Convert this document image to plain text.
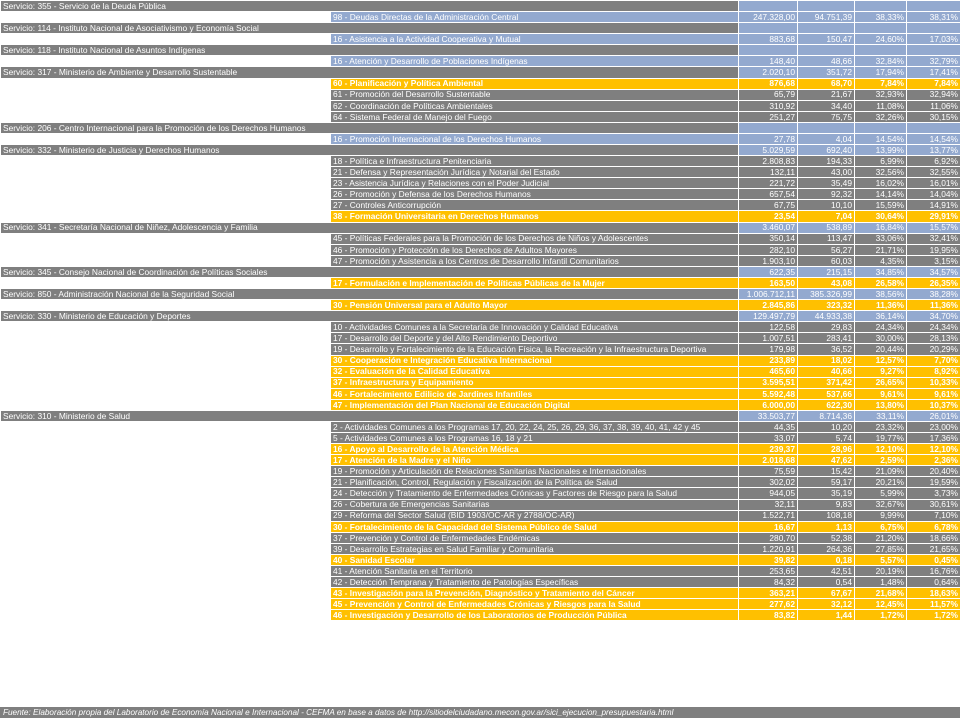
Servicio: 355 - Servicio de la Deuda Pública					
	98 - Deudas Directas de la Administración Central	247.328,00	94.751,39	38,33%	38,31%
Servicio: 114 - Instituto Nacional de Asociativismo y Economía Social					
	16 - Asistencia a la Actividad Cooperativa y Mutual	883,68	150,47	24,60%	17,03%
Servicio: 118 - Instituto Nacional de Asuntos Indígenas					
	16 - Atención y Desarrollo de Poblaciones Indígenas	148,40	48,66	32,84%	32,79%
Servicio: 317 - Ministerio de Ambiente y Desarrollo Sustentable		2.020,10	351,72	17,94%	17,41%
	60 - Planificación y Política Ambiental	876,68	68,70	7,84%	7,84%
	61 - Promoción del Desarrollo Sustentable	65,79	21,67	32,93%	32,94%
	62 - Coordinación de Políticas Ambientales	310,92	34,40	11,08%	11,06%
	64 - Sistema Federal de Manejo del Fuego	251,27	75,75	32,26%	30,15%
Servicio: 206 - Centro Internacional para la Promoción de los Derechos Humanos					
	16 - Promoción Internacional de los Derechos Humanos	27,78	4,04	14,54%	14,54%
Servicio: 332 - Ministerio de Justicia y Derechos Humanos		5.029,59	692,40	13,99%	13,77%
	18 - Política e Infraestructura Penitenciaria	2.808,83	194,33	6,99%	6,92%
	21 - Defensa y Representación Jurídica y Notarial del Estado	132,11	43,00	32,56%	32,55%
	23 - Asistencia Jurídica y Relaciones con el Poder Judicial	221,72	35,49	16,02%	16,01%
	26 - Promoción y Defensa de los Derechos Humanos	657,54	92,32	14,14%	14,04%
	27 - Controles Anticorrupción	67,75	10,10	15,59%	14,91%
	38 - Formación Universitaria en Derechos Humanos	23,54	7,04	30,64%	29,91%
Servicio: 341 - Secretaría Nacional de Niñez, Adolescencia y Familia		3.460,07	538,89	16,84%	15,57%
	45 - Políticas Federales para la Promoción de los Derechos de Niños y Adolescentes	350,14	113,47	33,06%	32,41%
	46 - Promoción y Protección de los Derechos de Adultos Mayores	282,10	56,27	21,71%	19,95%
	47 - Promoción y Asistencia a los Centros de Desarrollo Infantil Comunitarios	1.903,10	60,03	4,35%	3,15%
Servicio: 345 - Consejo Nacional de Coordinación de Políticas Sociales		622,35	215,15	34,85%	34,57%
	17 - Formulación e Implementación de Políticas Públicas de la Mujer	163,50	43,08	26,58%	26,35%
Servicio: 850 - Administración Nacional de la Seguridad Social		1.006.712,11	385.326,99	38,56%	38,28%
	30 - Pensión Universal para el Adulto Mayor	2.845,86	323,32	11,36%	11,36%
Servicio: 330 - Ministerio de Educación y Deportes		129.497,79	44.933,38	36,14%	34,70%
	10 - Actividades Comunes a la Secretaría de Innovación y Calidad Educativa	122,58	29,83	24,34%	24,34%
	17 - Desarrollo del Deporte y del Alto Rendimiento Deportivo	1.007,51	283,41	30,00%	28,13%
	19 - Desarrollo y Fortalecimiento de la Educación Física, la Recreación y la Infraestructura Deportiva	179,98	36,52	20,44%	20,29%
	30 - Cooperación e Integración Educativa Internacional	233,89	18,02	12,57%	7,70%
	32 - Evaluación de la Calidad Educativa	465,60	40,66	9,27%	8,92%
	37 - Infraestructura y Equipamiento	3.595,51	371,42	26,65%	10,33%
	46 - Fortalecimiento Edilicio de Jardines Infantiles	5.592,48	537,66	9,61%	9,61%
	47 - Implementación del Plan Nacional de Educación Digital	6.000,00	622,30	13,80%	10,37%
Servicio: 310 - Ministerio de Salud		33.503,77	8.714,36	33,11%	26,01%
	2 - Actividades Comunes a los Programas 17, 20, 22, 24, 25, 26, 29, 36, 37, 38, 39, 40, 41, 42 y 45	44,35	10,20	23,32%	23,00%
	5 - Actividades Comunes a los Programas 16, 18 y 21	33,07	5,74	19,77%	17,36%
	16 - Apoyo al Desarrollo de la Atención Médica	239,37	28,96	12,10%	12,10%
	17 - Atención de la Madre y el Niño	2.018,68	47,62	2,59%	2,36%
	19 - Promoción y Articulación de Relaciones Sanitarias Nacionales e Internacionales	75,59	15,42	21,09%	20,40%
	21 - Planificación, Control, Regulación y Fiscalización de la Política de Salud	302,02	59,17	20,21%	19,59%
	24 - Detección y Tratamiento de Enfermedades Crónicas y Factores de Riesgo para la Salud	944,05	35,19	5,99%	3,73%
	26 - Cobertura de Emergencias Sanitarias	32,11	9,83	32,67%	30,61%
	29 - Reforma del Sector Salud (BID 1903/OC-AR y 2788/OC-AR)	1.522,71	108,18	9,99%	7,10%
	30 - Fortalecimiento de la Capacidad del Sistema Público de Salud	16,67	1,13	6,75%	6,78%
	37 - Prevención y Control de Enfermedades Endémicas	280,70	52,38	21,20%	18,66%
	39 - Desarrollo Estrategias en Salud Familiar y Comunitaria	1.220,91	264,36	27,85%	21,65%
	40 - Sanidad Escolar	39,82	0,18	5,57%	0,45%
	41 - Atención Sanitaria en el Territorio	253,65	42,51	20,19%	16,76%
	42 - Detección Temprana y Tratamiento de Patologías Específicas	84,32	0,54	1,48%	0,64%
	43 - Investigación para la Prevención, Diagnóstico y Tratamiento del Cáncer	363,21	67,67	21,68%	18,63%
	45 - Prevención y Control de Enfermedades Crónicas y Riesgos para la Salud	277,62	32,12	12,45%	11,57%
	46 - Investigación y Desarrollo de los Laboratorios de Producción Pública	83,82	1,44	1,72%	1,72%
Fuente: Elaboración propia del Laboratorio de Economía Nacional e Internacional - CEFMA en base a datos de http://sitiodelciudadano.mecon.gov.ar/sici_ejecucion_presupuestaria.html
